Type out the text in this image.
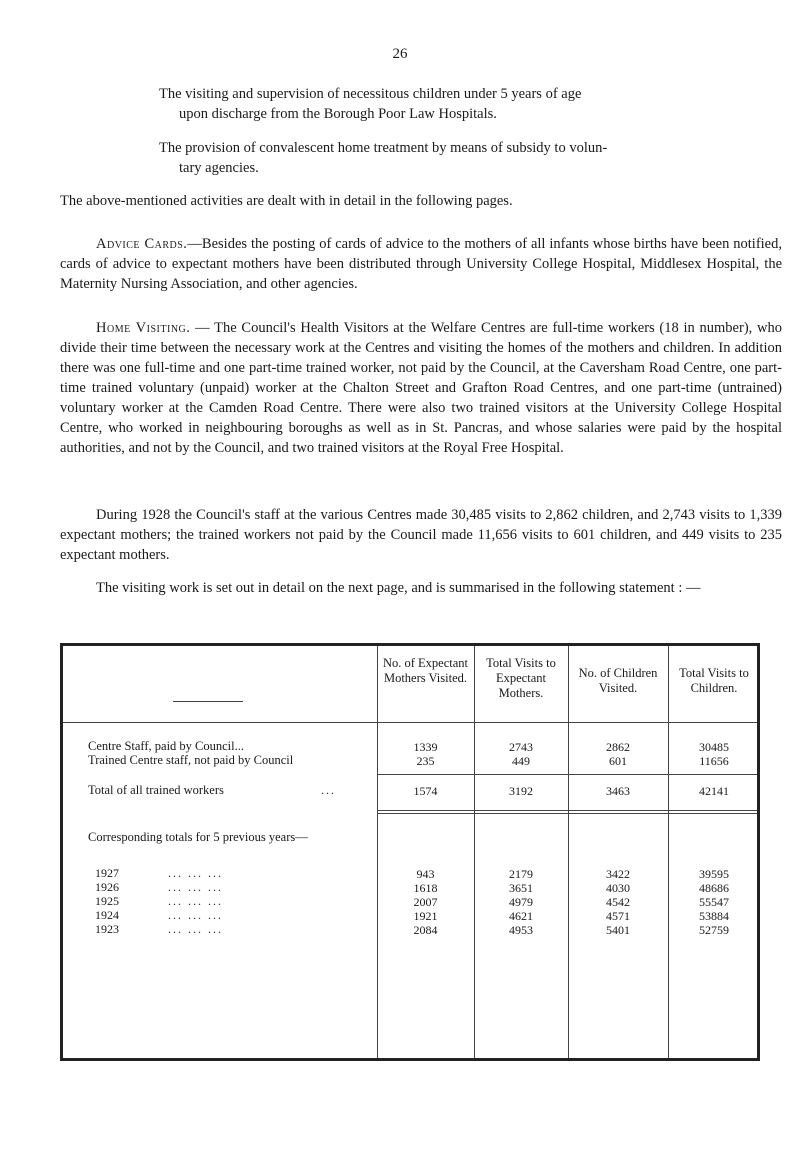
26
The visiting and supervision of necessitous children under 5 years of age
upon discharge from the Borough Poor Law Hospitals.
The provision of convalescent home treatment by means of subsidy to volun-
tary agencies.
The above-mentioned activities are dealt with in detail in the following pages.
Advice Cards.—Besides the posting of cards of advice to the mothers of all infants whose births have been notified, cards of advice to expectant mothers have been distributed through University College Hospital, Middlesex Hospital, the Maternity Nursing Association, and other agencies.
Home Visiting. — The Council's Health Visitors at the Welfare Centres are full-time workers (18 in number), who divide their time between the necessary work at the Centres and visiting the homes of the mothers and children. In addition there was one full-time and one part-time trained worker, not paid by the Council, at the Caversham Road Centre, one part-time trained voluntary (unpaid) worker at the Chalton Street and Grafton Road Centres, and one part-time (untrained) voluntary worker at the Camden Road Centre. There were also two trained visitors at the University College Hospital Centre, who worked in neighbouring boroughs as well as in St. Pancras, and whose salaries were paid by the hospital authorities, and not by the Council, and two trained visitors at the Royal Free Hospital.
During 1928 the Council's staff at the various Centres made 30,485 visits to 2,862 children, and 2,743 visits to 1,339 expectant mothers; the trained workers not paid by the Council made 11,656 visits to 601 children, and 449 visits to 235 expectant mothers.
The visiting work is set out in detail on the next page, and is summarised in the following statement : —
No. of Expectant Mothers Visited.
Total Visits to Expectant Mothers.
No. of Children Visited.
Total Visits to Children.
Centre Staff, paid by Council...	1339	2743	2862	30485
Trained Centre staff, not paid by Council	235	449	601	11656
Total of all trained workers	...	1574	3192	3463	42141
Corresponding totals for 5 previous years—
1927	... ... ...	943	2179	3422	39595
1926	... ... ...	1618	3651	4030	48686
1925	... ... ...	2007	4979	4542	55547
1924	... ... ...	1921	4621	4571	53884
1923	... ... ...	2084	4953	5401	52759
